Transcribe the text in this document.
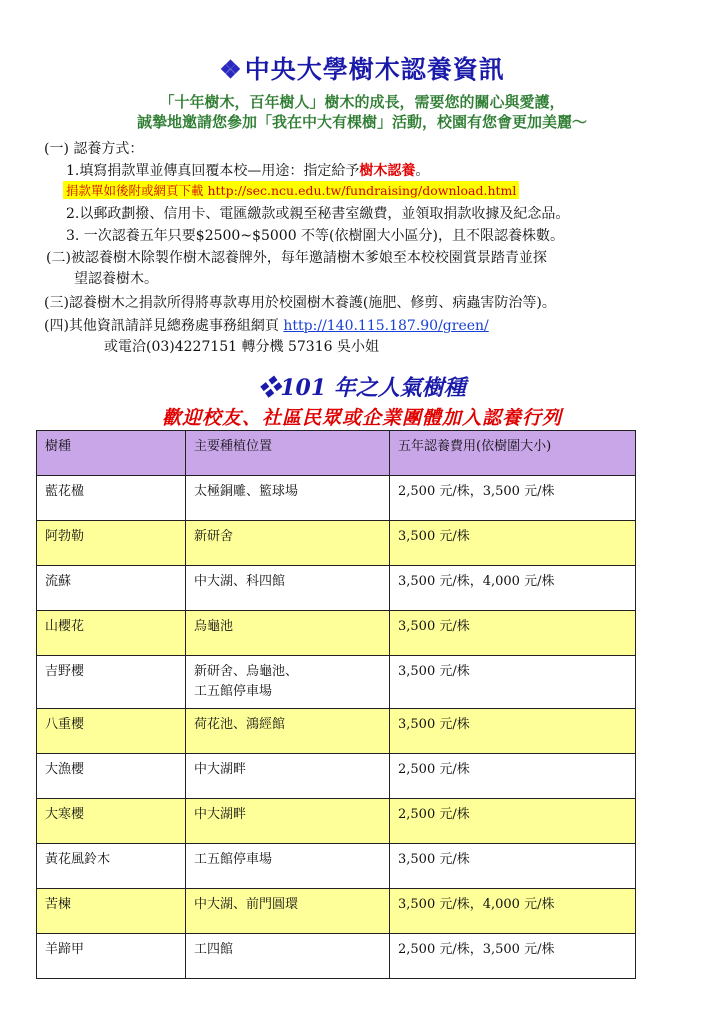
❖中央大學樹木認養資訊
「十年樹木，百年樹人」樹木的成長，需要您的關心與愛護，
誠摯地邀請您參加「我在中大有棵樹」活動，校園有您會更加美麗～
(一) 認養方式：
1.填寫捐款單並傳真回覆本校—用途：指定給予樹木認養。
捐款單如後附或網頁下載 http://sec.ncu.edu.tw/fundraising/download.html
2.以郵政劃撥、信用卡、電匯繳款或親至秘書室繳費，並領取捐款收據及紀念品。
3. 一次認養五年只要$2500~$5000 不等(依樹圍大小區分)，且不限認養株數。
(二)被認養樹木除製作樹木認養牌外，每年邀請樹木爹娘至本校校園賞景踏青並探
望認養樹木。
(三)認養樹木之捐款所得將專款專用於校園樹木養護(施肥、修剪、病蟲害防治等)。
(四)其他資訊請詳見總務處事務組網頁 http://140.115.187.90/green/
或電洽(03)4227151 轉分機 57316 吳小姐
❖101 年之人氣樹種
歡迎校友、社區民眾或企業團體加入認養行列
樹種	主要種植位置	五年認養費用(依樹圍大小)
藍花楹	太極銅雕、籃球場	2,500 元/株，3,500 元/株
阿勃勒	新研舍	3,500 元/株
流蘇	中大湖、科四館	3,500 元/株，4,000 元/株
山櫻花	烏龜池	3,500 元/株
吉野櫻	新研舍、烏龜池、
工五館停車場	3,500 元/株
八重櫻	荷花池、鴻經館	3,500 元/株
大漁櫻	中大湖畔	2,500 元/株
大寒櫻	中大湖畔	2,500 元/株
黃花風鈴木	工五館停車場	3,500 元/株
苦楝	中大湖、前門圓環	3,500 元/株，4,000 元/株
羊蹄甲	工四館	2,500 元/株，3,500 元/株
